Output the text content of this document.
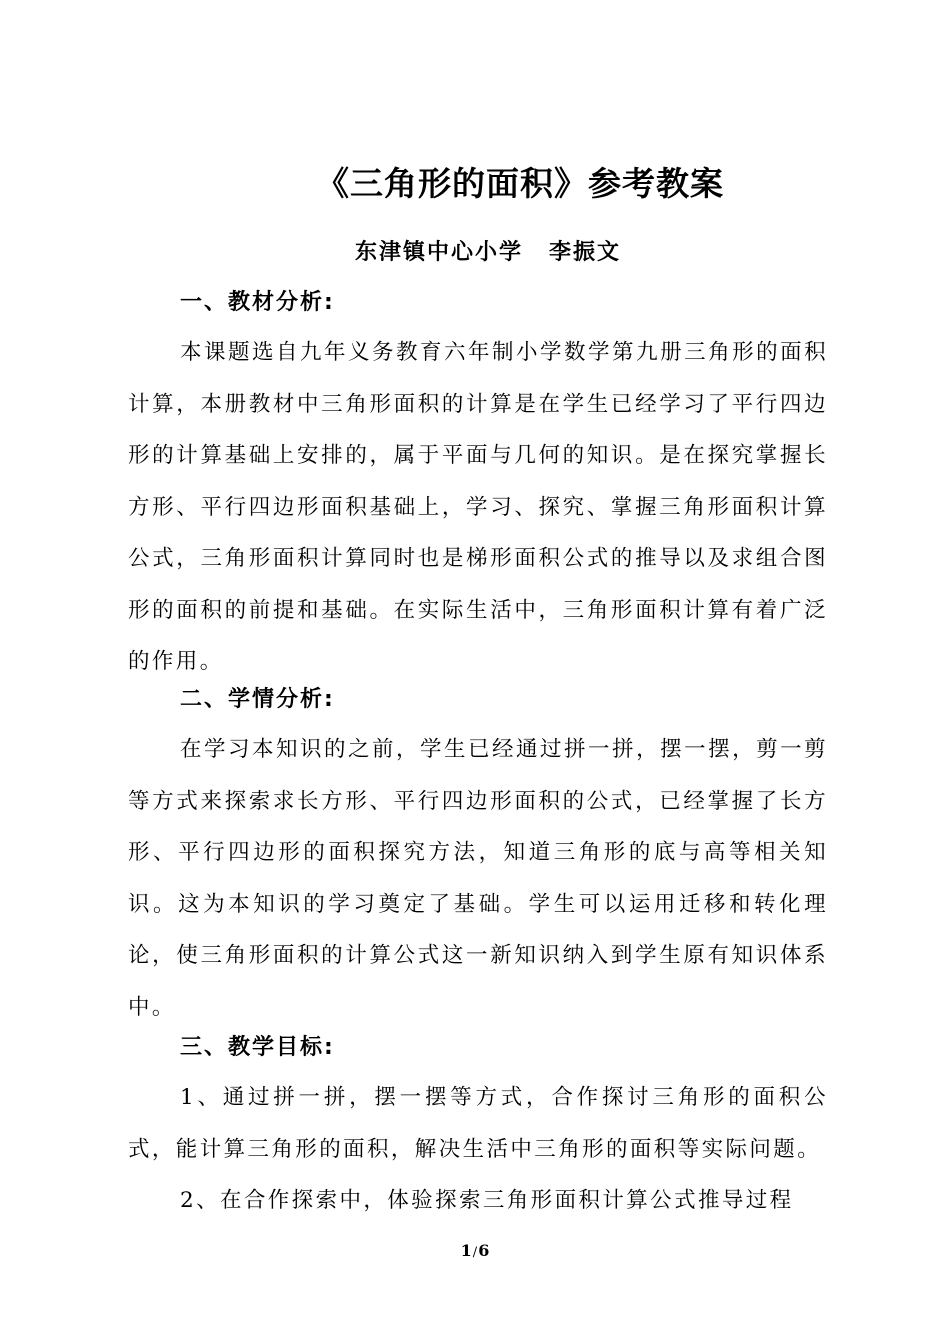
《三角形的面积》参考教案
东津镇中心小学 李振文
一、教材分析:

本课题选自九年义务教育六年制小学数学第九册三角形的面积计算，本册教材中三角形面积的计算是在学生已经学习了平行四边形的计算基础上安排的，属于平面与几何的知识。是在探究掌握长方形、平行四边形面积基础上，学习、探究、掌握三角形面积计算公式，三角形面积计算同时也是梯形面积公式的推导以及求组合图形的面积的前提和基础。在实际生活中，三角形面积计算有着广泛的作用。

二、学情分析:

在学习本知识的之前，学生已经通过拼一拼，摆一摆，剪一剪等方式来探索求长方形、平行四边形面积的公式，已经掌握了长方形、平行四边形的面积探究方法，知道三角形的底与高等相关知识。这为本知识的学习奠定了基础。学生可以运用迁移和转化理论，使三角形面积的计算公式这一新知识纳入到学生原有知识体系中。

三、教学目标:

1、通过拼一拼，摆一摆等方式，合作探讨三角形的面积公式，能计算三角形的面积，解决生活中三角形的面积等实际问题。

2、在合作探索中，体验探索三角形面积计算公式推导过程

1/6
